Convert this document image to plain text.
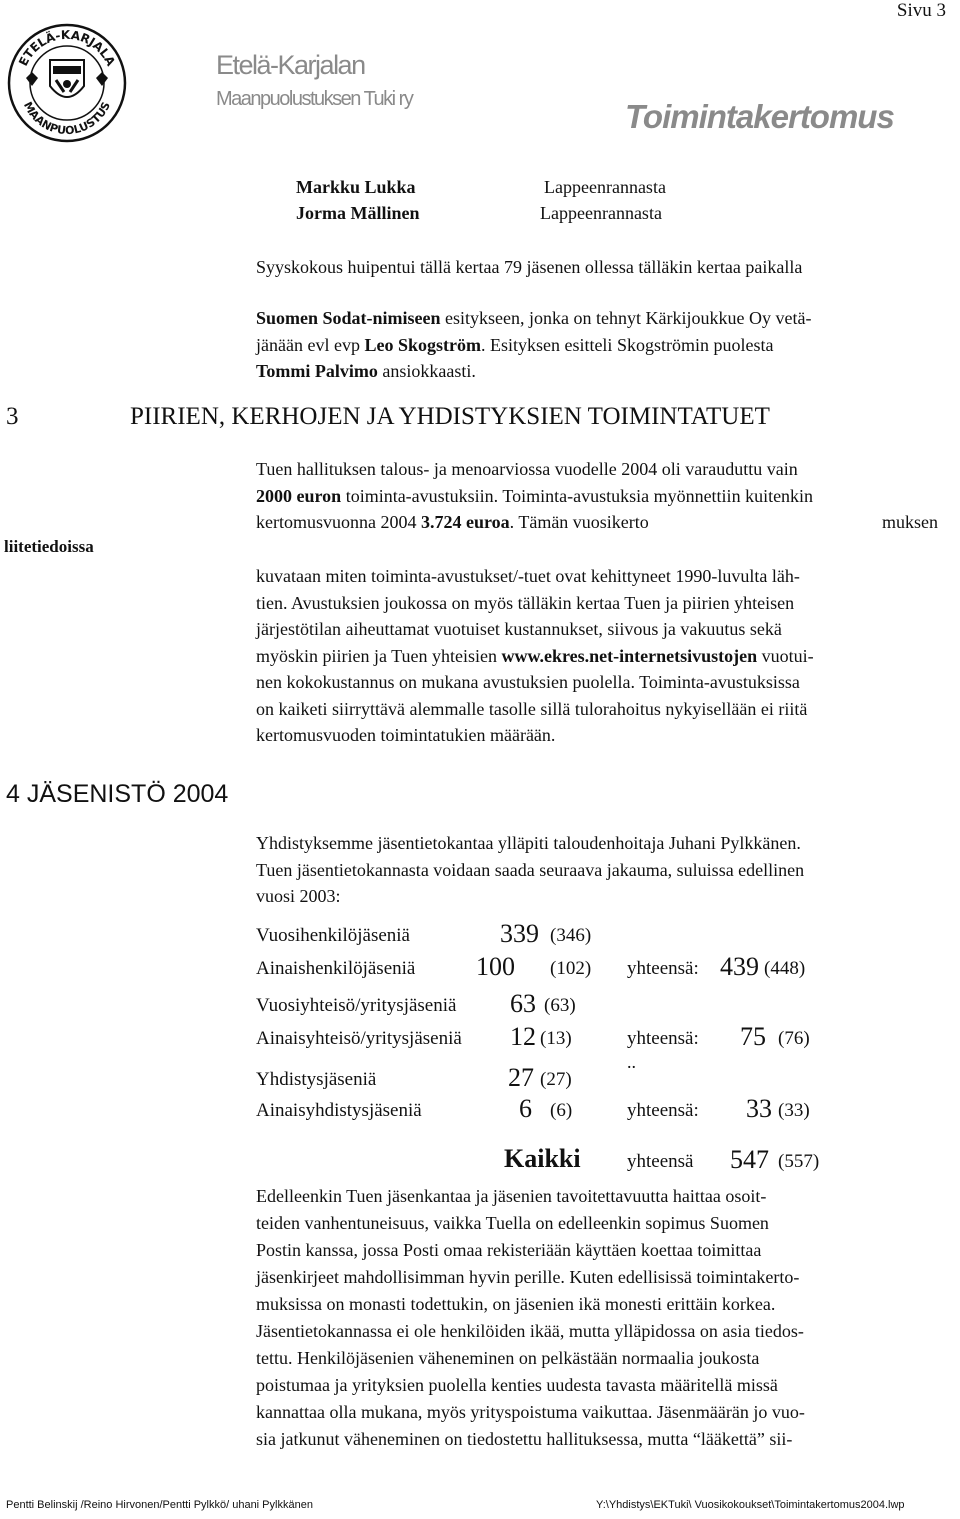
Sivu 3
ETELÄ-KARJALA
MAANPUOLUSTUS
Etelä-Karjalan
Maanpuolustuksen Tuki ry	Toimintakertomus
Markku Lukka	Lappeenrannasta
Jorma Mällinen	Lappeenrannasta
Syyskokous huipentui tällä kertaa 79 jäsenen ollessa tälläkin kertaa paikalla
Suomen Sodat-nimiseen esitykseen, jonka on tehnyt Kärkijoukkue Oy vetä-
jänään evl evp Leo Skogström. Esityksen esitteli Skogströmin puolesta
Tommi Palvimo ansiokkaasti.
3	PIIRIEN, KERHOJEN JA YHDISTYKSIEN TOIMINTATUET
liitetiedoissa
Tuen hallituksen talous- ja menoarviossa vuodelle 2004 oli varauduttu vain
2000 euron toiminta-avustuksiin. Toiminta-avustuksia myönnettiin kuitenkin
kertomusvuonna 2004 3.724 euroa. Tämän vuosikerto	muksen
kuvataan miten toiminta-avustukset/-tuet ovat kehittyneet 1990-luvulta läh-
tien. Avustuksien joukossa on myös tälläkin kertaa Tuen ja piirien yhteisen
järjestötilan aiheuttamat vuotuiset kustannukset, siivous ja vakuutus sekä
myöskin piirien ja Tuen yhteisien www.ekres.net-internetsivustojen vuotui-
nen kokokustannus on mukana avustuksien puolella. Toiminta-avustuksissa
on kaiketi siirryttävä alemmalle tasolle sillä tulorahoitus nykyisellään ei riitä
kertomusvuoden toimintatukien määrään.
4 JÄSENISTÖ 2004
Yhdistyksemme jäsentietokantaa ylläpiti taloudenhoitaja Juhani Pylkkänen.
Tuen jäsentietokannasta voidaan saada seuraava jakauma, suluissa edellinen
vuosi 2003:
Vuosihenkilöjäseniä	339 (346)
Ainaishenkilöjäseniä 100 (102) yhteensä: 439 (448)
Vuosiyhteisö/yritysjäseniä 63 (63)
Ainaisyhteisö/yritysjäseniä 12 (13)	yhteensä: 75 (76)
Yhdistysjäseniä	27 (27)
..
Ainaisyhdistysjäseniä	6 (6)	yhteensä: 33 (33)
Kaikki yhteensä 547 (557)
Edelleenkin Tuen jäsenkantaa ja jäsenien tavoitettavuutta haittaa osoit-
teiden vanhentuneisuus, vaikka Tuella on edelleenkin sopimus Suomen
Postin kanssa, jossa Posti omaa rekisteriään käyttäen koettaa toimittaa
jäsenkirjeet mahdollisimman hyvin perille. Kuten edellisissä toimintakerto-
muksissa on monasti todettukin, on jäsenien ikä monesti erittäin korkea.
Jäsentietokannassa ei ole henkilöiden ikää, mutta ylläpidossa on asia tiedos-
tettu. Henkilöjäsenien väheneminen on pelkästään normaalia joukosta
poistumaa ja yrityksien puolella kenties uudesta tavasta määritellä missä
kannattaa olla mukana, myös yrityspoistuma vaikuttaa. Jäsenmäärän jo vuo-
sia jatkunut väheneminen on tiedostettu hallituksessa, mutta “lääkettä” sii-
Pentti Belinskij /Reino Hirvonen/Pentti Pylkkö/ uhani Pylkkänen	Y:\Yhdistys\EKTuki\ Vuosikokoukset\Toimintakertomus2004.lwp
